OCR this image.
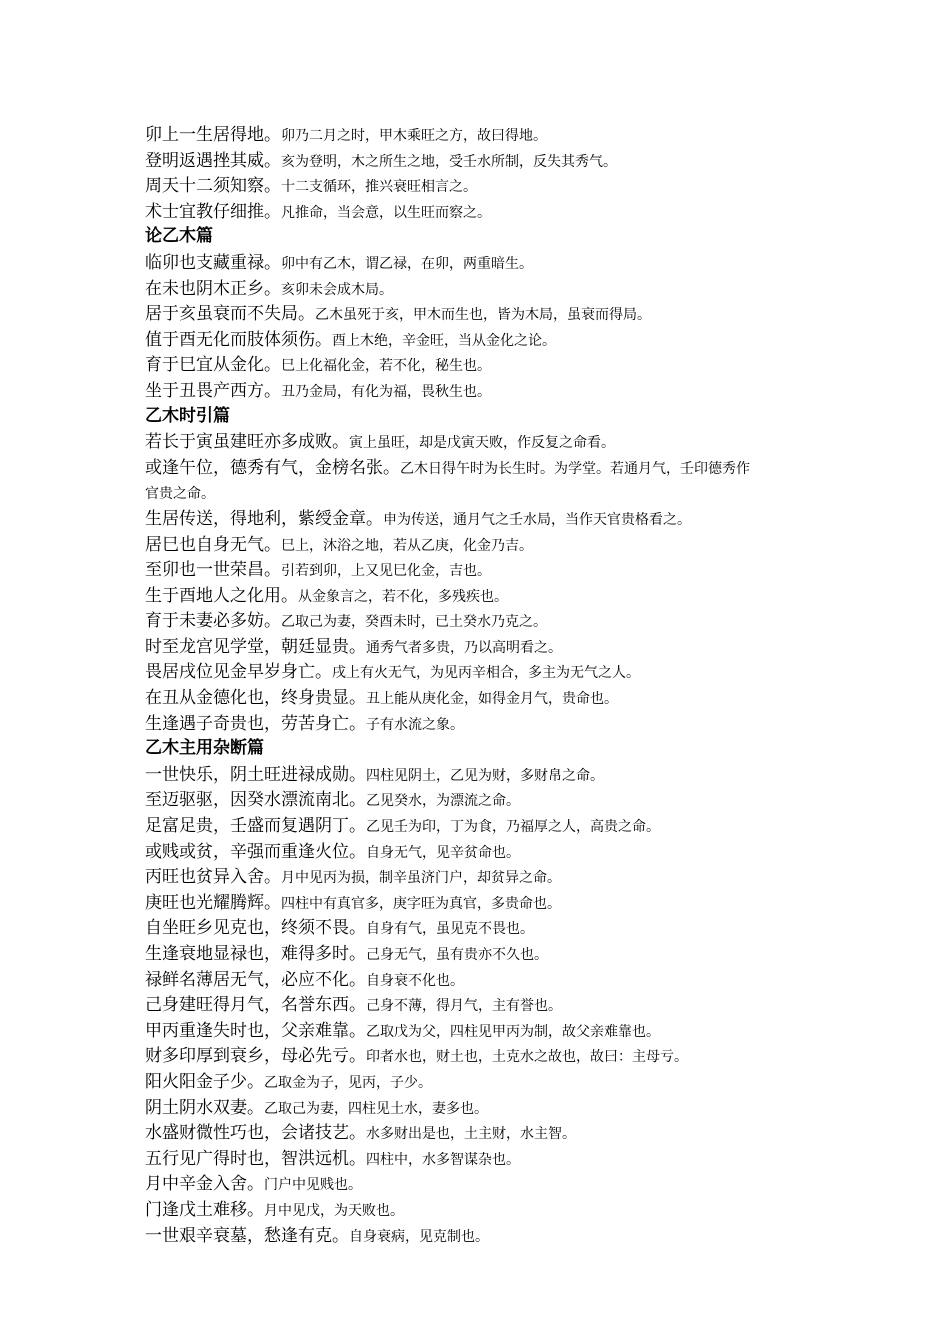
卯上一生居得地。卯乃二月之时，甲木乘旺之方，故曰得地。
登明返遇挫其威。亥为登明，木之所生之地，受壬水所制，反失其秀气。
周天十二须知察。十二支循环，推兴衰旺相言之。
术士宜教仔细推。凡推命，当会意，以生旺而察之。
论乙木篇
临卯也支藏重禄。卯中有乙木，谓乙禄，在卯，两重暗生。
在未也阴木正乡。亥卯未会成木局。
居于亥虽衰而不失局。乙木虽死于亥，甲木而生也，皆为木局，虽衰而得局。
值于酉无化而肢体须伤。酉上木绝，辛金旺，当从金化之论。
育于巳宜从金化。巳上化福化金，若不化，秘生也。
坐于丑畏产西方。丑乃金局，有化为福，畏秋生也。
乙木时引篇
若长于寅虽建旺亦多成败。寅上虽旺，却是戊寅天败，作反复之命看。
或逢午位，德秀有气，金榜名张。乙木日得午时为长生时。为学堂。若通月气，壬印德秀作
官贵之命。
生居传送，得地利，紫绶金章。申为传送，通月气之壬水局，当作天官贵格看之。
居巳也自身无气。巳上，沐浴之地，若从乙庚，化金乃吉。
至卯也一世荣昌。引若到卯，上又见巳化金，吉也。
生于酉地人之化用。从金象言之，若不化，多残疾也。
育于未妻必多妨。乙取己为妻，癸酉未时，已土癸水乃克之。
时至龙宫见学堂，朝廷显贵。通秀气者多贵，乃以高明看之。
畏居戌位见金早岁身亡。戌上有火无气，为见丙辛相合，多主为无气之人。
在丑从金德化也，终身贵显。丑上能从庚化金，如得金月气，贵命也。
生逢遇子奇贵也，劳苦身亡。子有水流之象。
乙木主用杂断篇
一世快乐，阴土旺进禄成勋。四柱见阴土，乙见为财，多财帛之命。
至迈驱驱，因癸水漂流南北。乙见癸水，为漂流之命。
足富足贵，壬盛而复遇阴丁。乙见壬为印，丁为食，乃福厚之人，高贵之命。
或贱或贫，辛强而重逢火位。自身无气，见辛贫命也。
丙旺也贫异入舍。月中见丙为损，制辛虽济门户，却贫异之命。
庚旺也光耀腾辉。四柱中有真官多，庚字旺为真官，多贵命也。
自坐旺乡见克也，终须不畏。自身有气，虽见克不畏也。
生逢衰地显禄也，难得多时。己身无气，虽有贵亦不久也。
禄鲜名薄居无气，必应不化。自身衰不化也。
己身建旺得月气，名誉东西。己身不薄，得月气，主有誉也。
甲丙重逢失时也，父亲难靠。乙取戊为父，四柱见甲丙为制，故父亲难靠也。
财多印厚到衰乡，母必先亏。印者水也，财土也，土克水之故也，故曰：主母亏。
阳火阳金子少。乙取金为子，见丙，子少。
阴土阴水双妻。乙取己为妻，四柱见土水，妻多也。
水盛财微性巧也，会诸技艺。水多财出是也，土主财，水主智。
五行见广得时也，智洪远机。四柱中，水多智谋杂也。
月中辛金入舍。门户中见贱也。
门逢戊土难移。月中见戊，为天败也。
一世艰辛衰墓，愁逢有克。自身衰病，见克制也。
